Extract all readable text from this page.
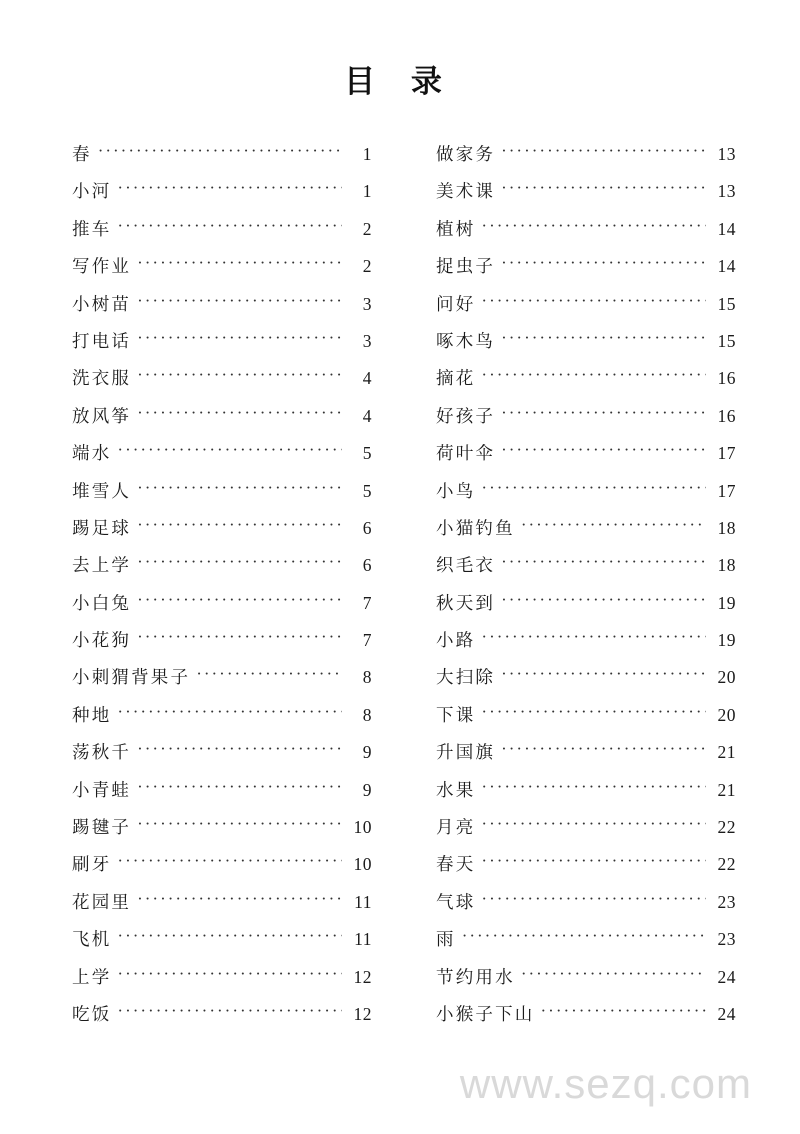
目 录
春 ·····	1
小河 ·····	1
推车 ·····	2
写作业 ·····	2
小树苗 ·····	3
打电话 ·····	3
洗衣服 ·····	4
放风筝 ·····	4
端水 ·····	5
堆雪人 ·····	5
踢足球 ·····	6
去上学 ·····	6
小白兔 ·····	7
小花狗 ·····	7
小刺猬背果子 ·····	8
种地 ·····	8
荡秋千 ·····	9
小青蛙 ·····	9
踢毽子 ·····	10
刷牙 ·····	10
花园里 ·····	11
飞机 ·····	11
上学 ·····	12
吃饭 ·····	12
做家务 ·····	13
美术课 ·····	13
植树 ·····	14
捉虫子 ·····	14
问好 ·····	15
啄木鸟 ·····	15
摘花 ·····	16
好孩子 ·····	16
荷叶伞 ·····	17
小鸟 ·····	17
小猫钓鱼 ·····	18
织毛衣 ·····	18
秋天到 ·····	19
小路 ·····	19
大扫除 ·····	20
下课 ·····	20
升国旗 ·····	21
水果 ·····	21
月亮 ·····	22
春天 ·····	22
气球 ·····	23
雨 ·····	23
节约用水 ·····	24
小猴子下山 ·····	24
www.sezq.com
